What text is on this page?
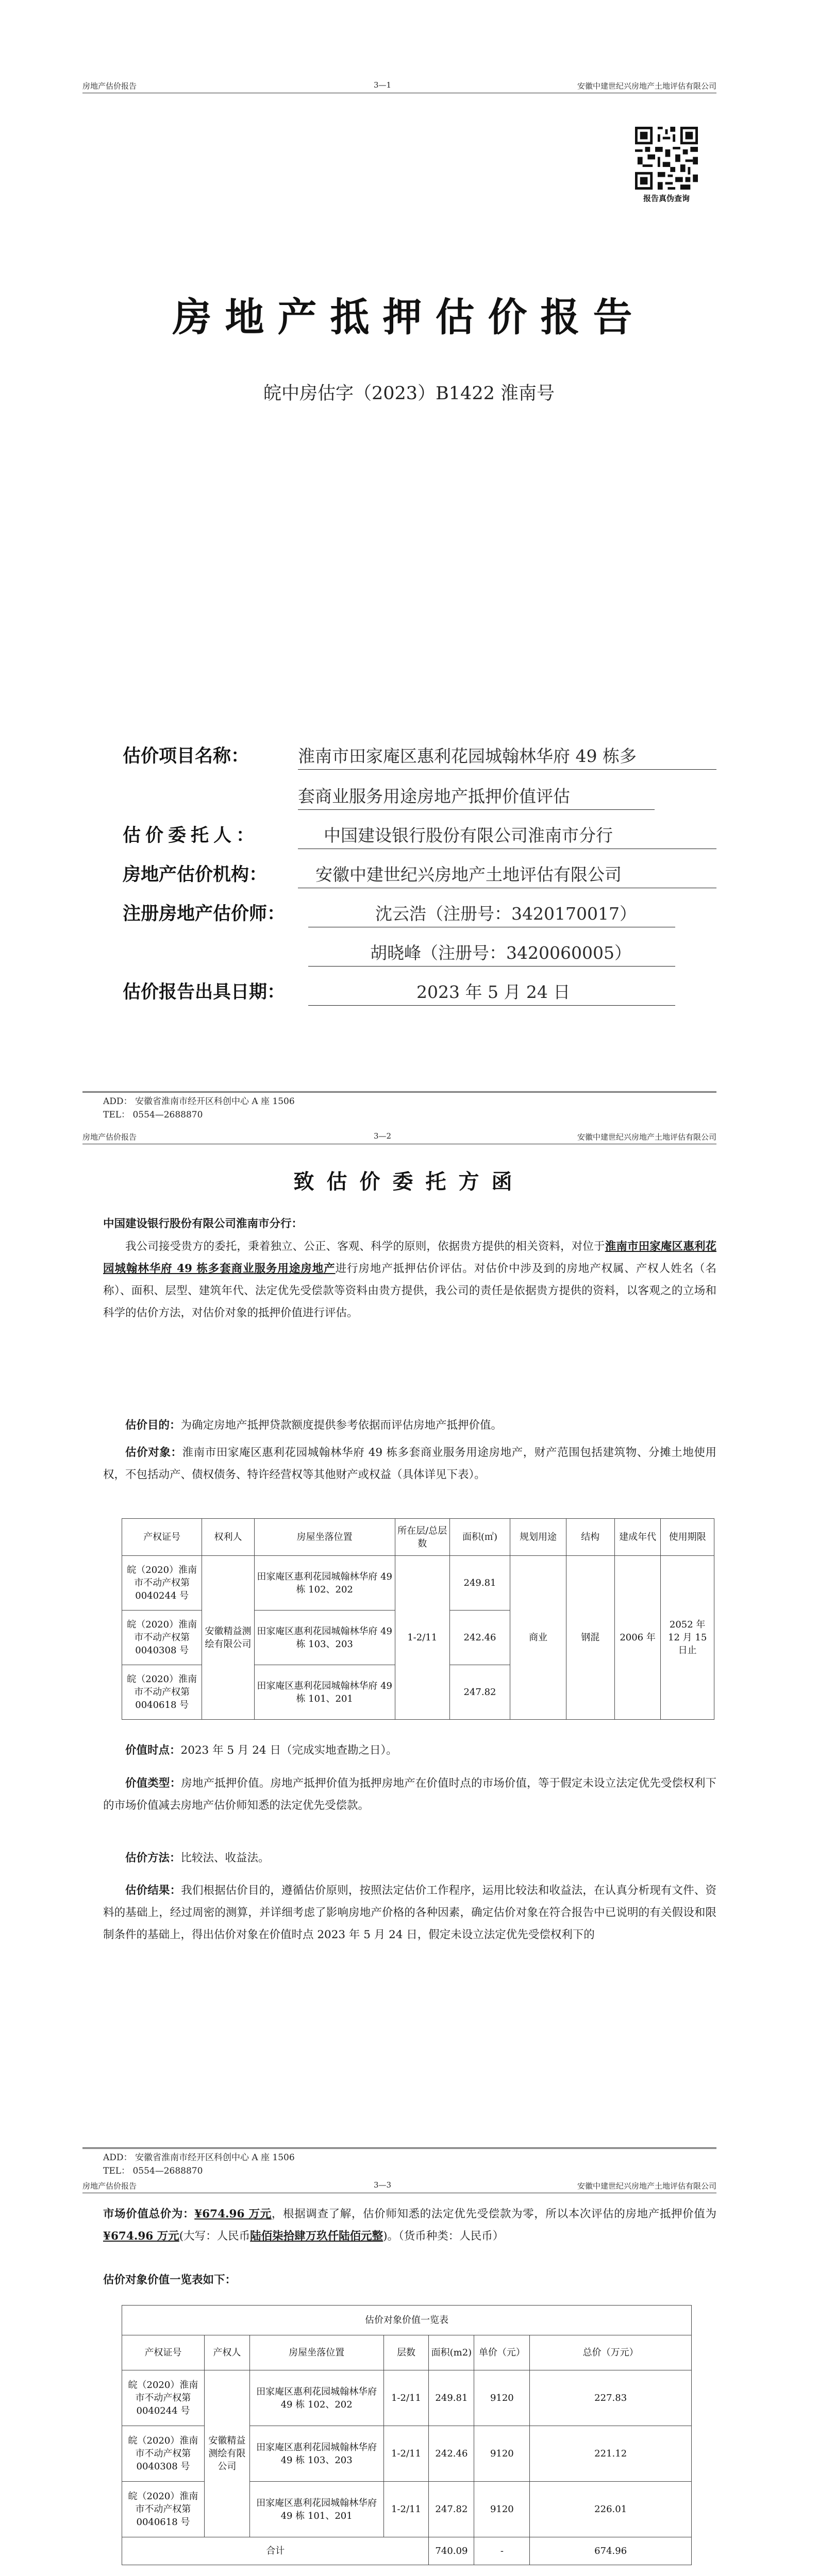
房地产估价报告	3—1	安徽中建世纪兴房地产土地评估有限公司
报告真伪查询
房地产抵押估价报告
皖中房估字（2023）B1422 淮南号
估价项目名称：	淮南市田家庵区惠利花园城翰林华府 49 栋多
套商业服务用途房地产抵押价值评估
估价委托人：	中国建设银行股份有限公司淮南市分行
房地产估价机构：	安徽中建世纪兴房地产土地评估有限公司
注册房地产估价师：	沈云浩（注册号：3420170017）
胡晓峰（注册号：3420060005）
估价报告出具日期：	2023 年 5 月 24 日
ADD： 安徽省淮南市经开区科创中心 A 座 1506
TEL： 0554—2688870
房地产估价报告	3—2	安徽中建世纪兴房地产土地评估有限公司
致估价委托方函
中国建设银行股份有限公司淮南市分行：
我公司接受贵方的委托，秉着独立、公正、客观、科学的原则，依据贵方提供的相关资料，对位于淮南市田家庵区惠利花园城翰林华府 49 栋多套商业服务用途房地产进行房地产抵押估价评估。对估价中涉及到的房地产权属、产权人姓名（名称）、面积、层型、建筑年代、法定优先受偿款等资料由贵方提供，我公司的责任是依据贵方提供的资料，以客观之的立场和科学的估价方法，对估价对象的抵押价值进行评估。
估价目的：为确定房地产抵押贷款额度提供参考依据而评估房地产抵押价值。
估价对象：淮南市田家庵区惠利花园城翰林华府 49 栋多套商业服务用途房地产，财产范围包括建筑物、分摊土地使用权，不包括动产、债权债务、特许经营权等其他财产或权益（具体详见下表）。
产权证号	权利人	房屋坐落位置	所在层/总层数	面积(㎡)	规划用途	结构	建成年代	使用期限
皖（2020）淮南市不动产权第 0040244 号	安徽精益测绘有限公司	田家庵区惠利花园城翰林华府 49 栋 102、202	1-2/11	249.81	商业	钢混	2006 年	2052 年 12 月 15 日止
皖（2020）淮南市不动产权第 0040308 号		田家庵区惠利花园城翰林华府 49 栋 103、203		242.46				
皖（2020）淮南市不动产权第 0040618 号		田家庵区惠利花园城翰林华府 49 栋 101、201		247.82				
价值时点：2023 年 5 月 24 日（完成实地查勘之日）。
价值类型：房地产抵押价值。房地产抵押价值为抵押房地产在价值时点的市场价值，等于假定未设立法定优先受偿权利下的市场价值减去房地产估价师知悉的法定优先受偿款。
估价方法：比较法、收益法。
估价结果：我们根据估价目的，遵循估价原则，按照法定估价工作程序，运用比较法和收益法，在认真分析现有文件、资料的基础上，经过周密的测算，并详细考虑了影响房地产价格的各种因素，确定估价对象在符合报告中已说明的有关假设和限制条件的基础上，得出估价对象在价值时点 2023 年 5 月 24 日，假定未设立法定优先受偿权利下的
ADD： 安徽省淮南市经开区科创中心 A 座 1506
TEL： 0554—2688870
房地产估价报告	3—3	安徽中建世纪兴房地产土地评估有限公司
市场价值总价为：¥674.96 万元，根据调查了解，估价师知悉的法定优先受偿款为零，所以本次评估的房地产抵押价值为¥674.96 万元(大写：人民币陆佰柒拾肆万玖仟陆佰元整)。（货币种类：人民币）
估价对象价值一览表如下：
估价对象价值一览表						
产权证号	产权人	房屋坐落位置	层数	面积(m2)	单价（元）	总价（万元）
皖（2020）淮南市不动产权第 0040244 号	安徽精益测绘有限公司	田家庵区惠利花园城翰林华府 49 栋 102、202	1-2/11	249.81	9120	227.83
皖（2020）淮南市不动产权第 0040308 号		田家庵区惠利花园城翰林华府 49 栋 103、203	1-2/11	242.46	9120	221.12
皖（2020）淮南市不动产权第 0040618 号		田家庵区惠利花园城翰林华府 49 栋 101、201	1-2/11	247.82	9120	226.01
合计				740.09	-	674.96
